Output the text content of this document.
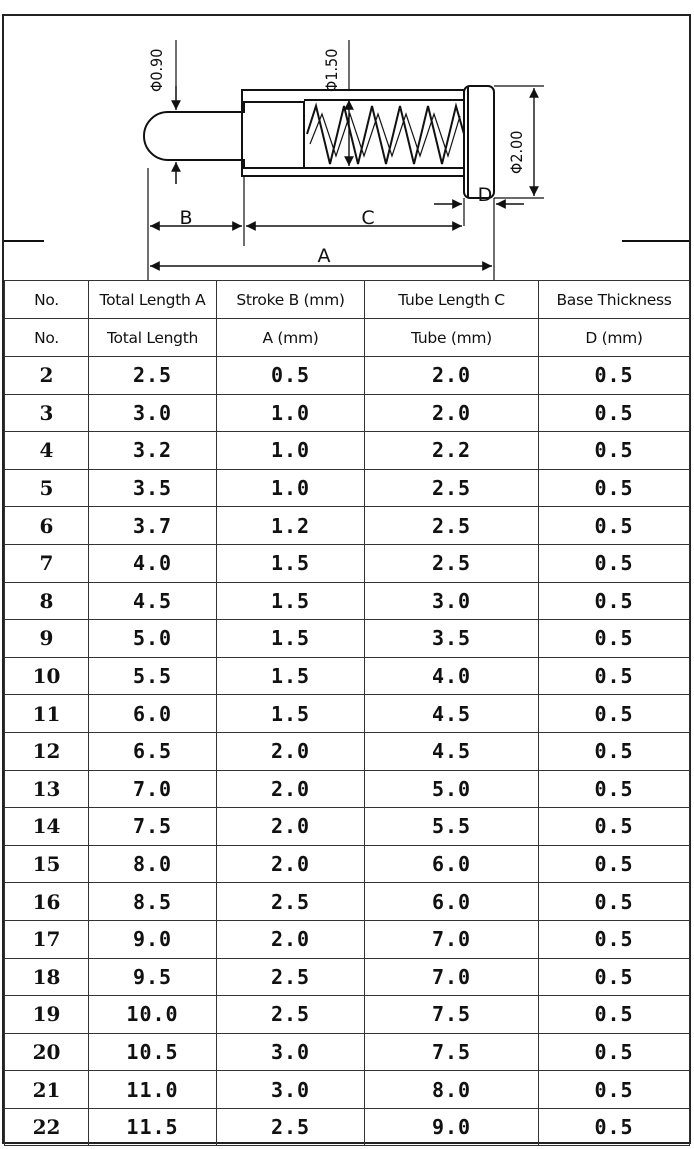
B	C
A
D
Φ0.90	Φ1.50
Φ2.00
No.	Total Length A	Stroke B (mm)	Tube Length C	Base Thickness
No.	Total Length	A (mm)	Tube (mm)	D (mm)
2	2.5	0.5	2.0	0.5
3	3.0	1.0	2.0	0.5
4	3.2	1.0	2.2	0.5
5	3.5	1.0	2.5	0.5
6	3.7	1.2	2.5	0.5
7	4.0	1.5	2.5	0.5
8	4.5	1.5	3.0	0.5
9	5.0	1.5	3.5	0.5
10	5.5	1.5	4.0	0.5
11	6.0	1.5	4.5	0.5
12	6.5	2.0	4.5	0.5
13	7.0	2.0	5.0	0.5
14	7.5	2.0	5.5	0.5
15	8.0	2.0	6.0	0.5
16	8.5	2.5	6.0	0.5
17	9.0	2.0	7.0	0.5
18	9.5	2.5	7.0	0.5
19	10.0	2.5	7.5	0.5
20	10.5	3.0	7.5	0.5
21	11.0	3.0	8.0	0.5
22	11.5	2.5	9.0	0.5
